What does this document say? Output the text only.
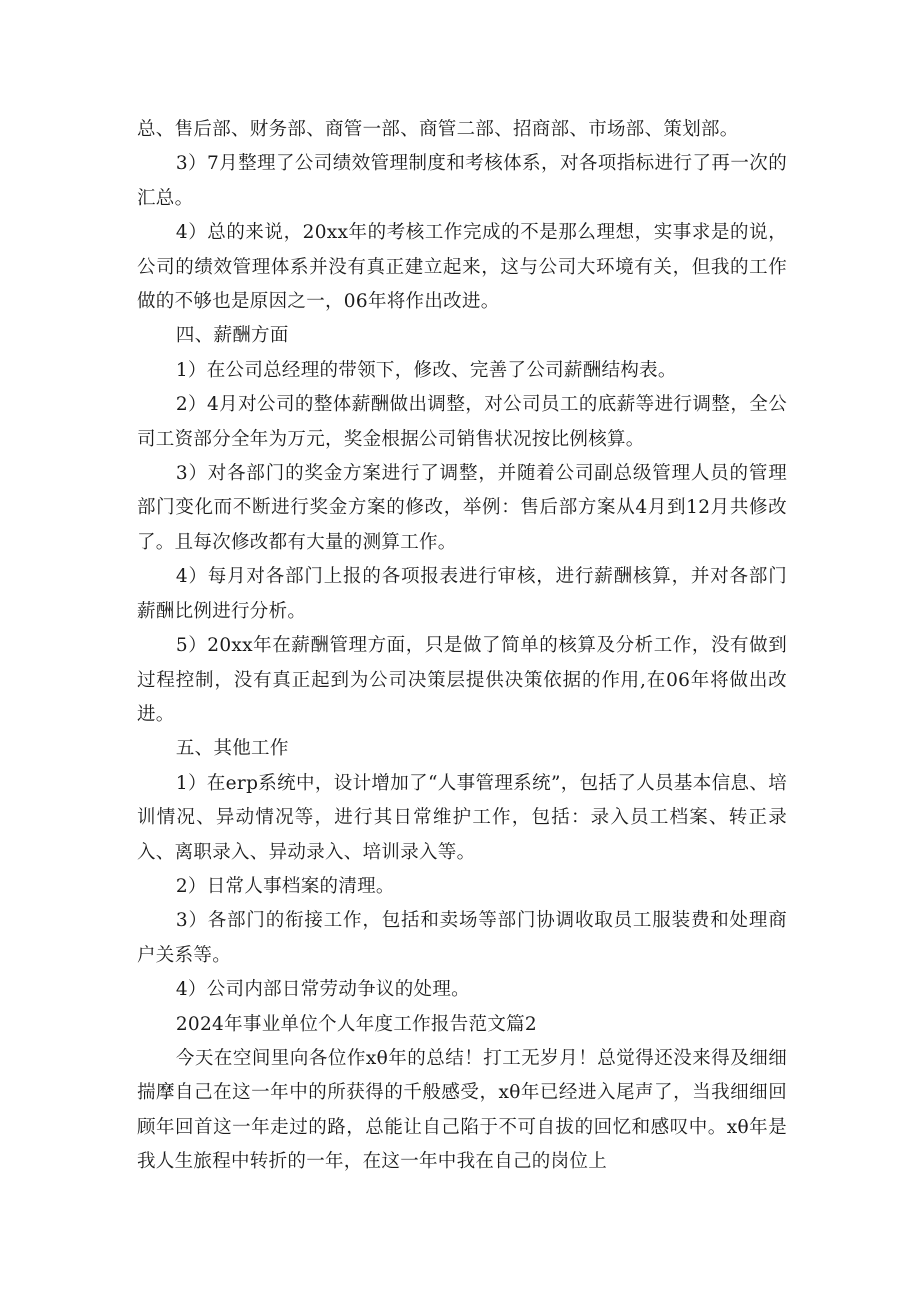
总、售后部、财务部、商管一部、商管二部、招商部、市场部、策划部。

3）7月整理了公司绩效管理制度和考核体系，对各项指标进行了再一次的汇总。

4）总的来说，20xx年的考核工作完成的不是那么理想，实事求是的说，公司的绩效管理体系并没有真正建立起来，这与公司大环境有关，但我的工作做的不够也是原因之一，06年将作出改进。

四、薪酬方面

1）在公司总经理的带领下，修改、完善了公司薪酬结构表。

2）4月对公司的整体薪酬做出调整，对公司员工的底薪等进行调整，全公司工资部分全年为万元，奖金根据公司销售状况按比例核算。

3）对各部门的奖金方案进行了调整，并随着公司副总级管理人员的管理部门变化而不断进行奖金方案的修改，举例：售后部方案从4月到12月共修改了。且每次修改都有大量的测算工作。

4）每月对各部门上报的各项报表进行审核，进行薪酬核算，并对各部门薪酬比例进行分析。

5）20xx年在薪酬管理方面，只是做了简单的核算及分析工作，没有做到过程控制，没有真正起到为公司决策层提供决策依据的作用,在06年将做出改进。

五、其他工作

1）在erp系统中，设计增加了“人事管理系统”，包括了人员基本信息、培训情况、异动情况等，进行其日常维护工作，包括：录入员工档案、转正录入、离职录入、异动录入、培训录入等。

2）日常人事档案的清理。

3）各部门的衔接工作，包括和卖场等部门协调收取员工服装费和处理商户关系等。

4）公司内部日常劳动争议的处理。

2024年事业单位个人年度工作报告范文篇2

今天在空间里向各位作xθ年的总结！打工无岁月！总觉得还没来得及细细揣摩自己在这一年中的所获得的千般感受，xθ年已经进入尾声了，当我细细回顾年回首这一年走过的路，总能让自己陷于不可自拔的回忆和感叹中。xθ年是我人生旅程中转折的一年，在这一年中我在自己的岗位上
